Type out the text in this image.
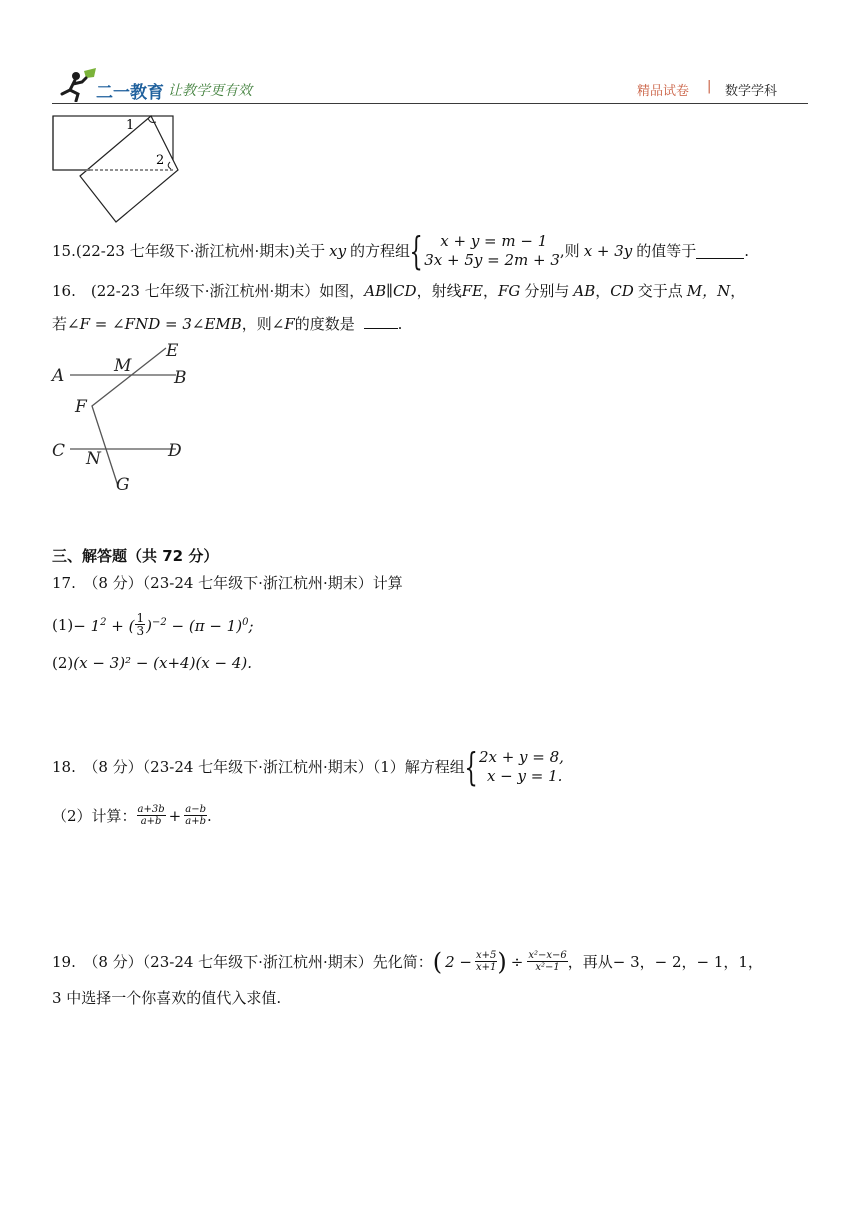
二一教育 让教学更有效	精品试卷 | 数学学科
1
2
15.(22-23 七年级下·浙江杭州·期末)关于 xy 的方程组 {	x + y = m − 1
3x + 5y = 2m + 3 ,则 x + 3y 的值等于	.
16.　(22-23 七年级下·浙江杭州·期末）如图，AB∥CD，射线FE，FG 分别与 AB，CD 交于点 M，N，
若∠F = ∠FND = 3∠EMB，则∠F的度数是	.
A	B
C	D
E
F
G
M
N
三、解答题（共 72 分）
17.　（8 分）（23-24 七年级下·浙江杭州·期末）计算
$(1) - 1^2$ + ( $\frac{1}{3} )^{-2} - (\pi - 1)^0$;
(2)(x − 3)² − (x+4)(x − 4).
18.　（8 分）（23-24 七年级下·浙江杭州·期末）（1）解方程组 { 2x + y = 8,
x − y = 1.
（2）计算： $\frac{a+3b}{a+b} + \frac{a-b}{a+b}$ .
19.　（8 分）（23-24 七年级下·浙江杭州·期末）先化简： ( $2 - \frac{x+5}{x+1}$ ) ÷ $\frac{\text{x²−x−6}}{\text{x²−1}}$ ，再从− 3，− 2，− 1，1，
3 中选择一个你喜欢的值代入求值.
